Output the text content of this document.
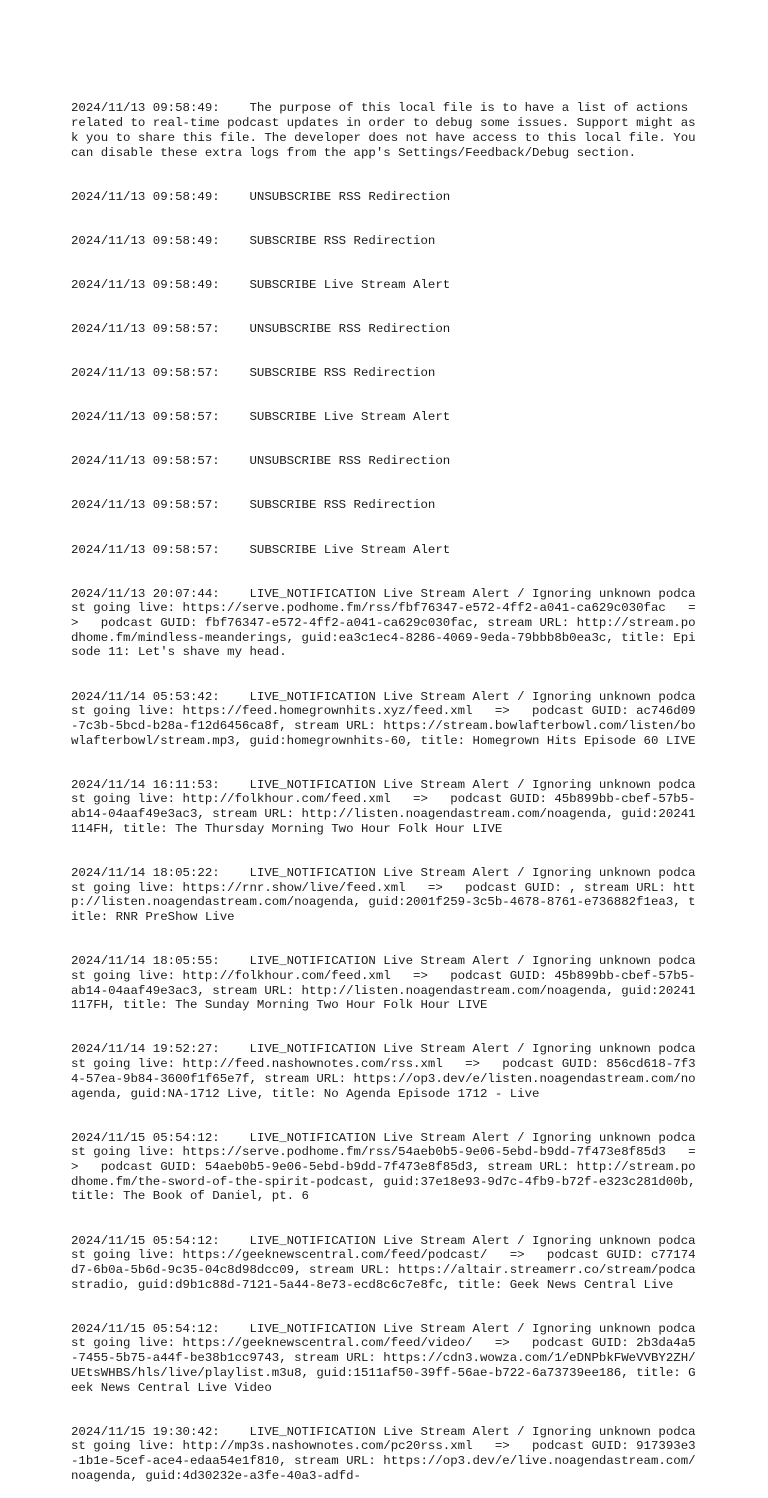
2024/11/13 09:58:49:    The purpose of this local file is to have a list of actions related to real-time podcast updates in order to debug some issues. Support might ask you to share this file. The developer does not have access to this local file. You can disable these extra logs from the app's Settings/Feedback/Debug section.

2024/11/13 09:58:49:    UNSUBSCRIBE RSS Redirection

2024/11/13 09:58:49:    SUBSCRIBE RSS Redirection

2024/11/13 09:58:49:    SUBSCRIBE Live Stream Alert

2024/11/13 09:58:57:    UNSUBSCRIBE RSS Redirection

2024/11/13 09:58:57:    SUBSCRIBE RSS Redirection

2024/11/13 09:58:57:    SUBSCRIBE Live Stream Alert

2024/11/13 09:58:57:    UNSUBSCRIBE RSS Redirection

2024/11/13 09:58:57:    SUBSCRIBE RSS Redirection

2024/11/13 09:58:57:    SUBSCRIBE Live Stream Alert

2024/11/13 20:07:44:    LIVE_NOTIFICATION Live Stream Alert / Ignoring unknown podcast going live: https://serve.podhome.fm/rss/fbf76347-e572-4ff2-a041-ca629c030fac   =>   podcast GUID: fbf76347-e572-4ff2-a041-ca629c030fac, stream URL: http://stream.podhome.fm/mindless-meanderings, guid:ea3c1ec4-8286-4069-9eda-79bbb8b0ea3c, title: Episode 11: Let's shave my head.

2024/11/14 05:53:42:    LIVE_NOTIFICATION Live Stream Alert / Ignoring unknown podcast going live: https://feed.homegrownhits.xyz/feed.xml   =>   podcast GUID: ac746d09-7c3b-5bcd-b28a-f12d6456ca8f, stream URL: https://stream.bowlafterbowl.com/listen/bowlafterbowl/stream.mp3, guid:homegrownhits-60, title: Homegrown Hits Episode 60 LIVE

2024/11/14 16:11:53:    LIVE_NOTIFICATION Live Stream Alert / Ignoring unknown podcast going live: http://folkhour.com/feed.xml   =>   podcast GUID: 45b899bb-cbef-57b5-ab14-04aaf49e3ac3, stream URL: http://listen.noagendastream.com/noagenda, guid:20241114FH, title: The Thursday Morning Two Hour Folk Hour LIVE

2024/11/14 18:05:22:    LIVE_NOTIFICATION Live Stream Alert / Ignoring unknown podcast going live: https://rnr.show/live/feed.xml   =>   podcast GUID: , stream URL: http://listen.noagendastream.com/noagenda, guid:2001f259-3c5b-4678-8761-e736882f1ea3, title: RNR PreShow Live

2024/11/14 18:05:55:    LIVE_NOTIFICATION Live Stream Alert / Ignoring unknown podcast going live: http://folkhour.com/feed.xml   =>   podcast GUID: 45b899bb-cbef-57b5-ab14-04aaf49e3ac3, stream URL: http://listen.noagendastream.com/noagenda, guid:20241117FH, title: The Sunday Morning Two Hour Folk Hour LIVE

2024/11/14 19:52:27:    LIVE_NOTIFICATION Live Stream Alert / Ignoring unknown podcast going live: http://feed.nashownotes.com/rss.xml   =>   podcast GUID: 856cd618-7f34-57ea-9b84-3600f1f65e7f, stream URL: https://op3.dev/e/listen.noagendastream.com/noagenda, guid:NA-1712 Live, title: No Agenda Episode 1712 - Live

2024/11/15 05:54:12:    LIVE_NOTIFICATION Live Stream Alert / Ignoring unknown podcast going live: https://serve.podhome.fm/rss/54aeb0b5-9e06-5ebd-b9dd-7f473e8f85d3   =>   podcast GUID: 54aeb0b5-9e06-5ebd-b9dd-7f473e8f85d3, stream URL: http://stream.podhome.fm/the-sword-of-the-spirit-podcast, guid:37e18e93-9d7c-4fb9-b72f-e323c281d00b, title: The Book of Daniel, pt. 6

2024/11/15 05:54:12:    LIVE_NOTIFICATION Live Stream Alert / Ignoring unknown podcast going live: https://geeknewscentral.com/feed/podcast/   =>   podcast GUID: c77174d7-6b0a-5b6d-9c35-04c8d98dcc09, stream URL: https://altair.streamerr.co/stream/podcastradio, guid:d9b1c88d-7121-5a44-8e73-ecd8c6c7e8fc, title: Geek News Central Live

2024/11/15 05:54:12:    LIVE_NOTIFICATION Live Stream Alert / Ignoring unknown podcast going live: https://geeknewscentral.com/feed/video/   =>   podcast GUID: 2b3da4a5-7455-5b75-a44f-be38b1cc9743, stream URL: https://cdn3.wowza.com/1/eDNPbkFWeVVBY2ZH/UEtsWHBS/hls/live/playlist.m3u8, guid:1511af50-39ff-56ae-b722-6a73739ee186, title: Geek News Central Live Video

2024/11/15 19:30:42:    LIVE_NOTIFICATION Live Stream Alert / Ignoring unknown podcast going live: http://mp3s.nashownotes.com/pc20rss.xml   =>   podcast GUID: 917393e3-1b1e-5cef-ace4-edaa54e1f810, stream URL: https://op3.dev/e/live.noagendastream.com/noagenda, guid:4d30232e-a3fe-40a3-adfd-
